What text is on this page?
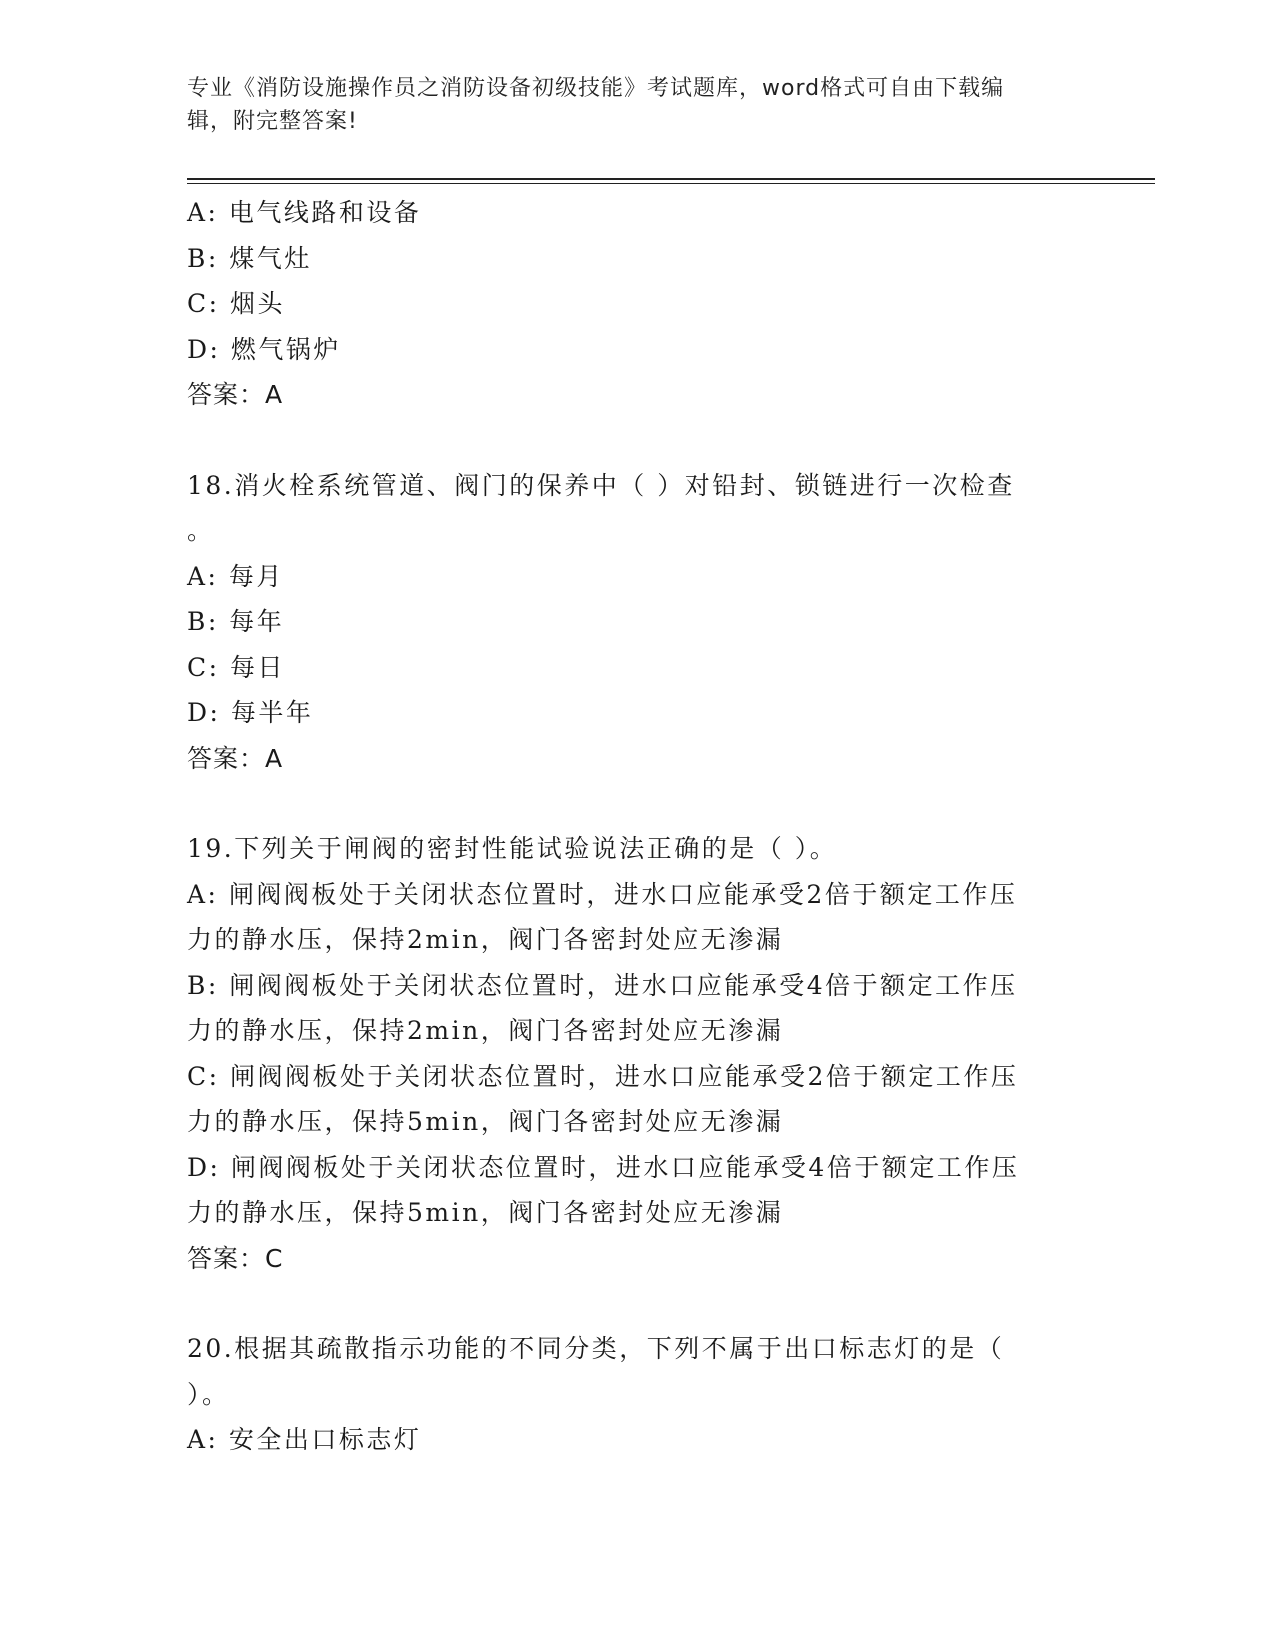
专业《消防设施操作员之消防设备初级技能》考试题库，word格式可自由下载编
辑，附完整答案!
A: 电气线路和设备
B: 煤气灶
C: 烟头
D: 燃气锅炉
答案：A
18.消火栓系统管道、阀门的保养中（ ）对铅封、锁链进行一次检查
。
A: 每月
B: 每年
C: 每日
D: 每半年
答案：A
19.下列关于闸阀的密封性能试验说法正确的是（ ）。
A: 闸阀阀板处于关闭状态位置时，进水口应能承受2倍于额定工作压
力的静水压，保持2min，阀门各密封处应无渗漏
B: 闸阀阀板处于关闭状态位置时，进水口应能承受4倍于额定工作压
力的静水压，保持2min，阀门各密封处应无渗漏
C: 闸阀阀板处于关闭状态位置时，进水口应能承受2倍于额定工作压
力的静水压，保持5min，阀门各密封处应无渗漏
D: 闸阀阀板处于关闭状态位置时，进水口应能承受4倍于额定工作压
力的静水压，保持5min，阀门各密封处应无渗漏
答案：C
20.根据其疏散指示功能的不同分类，下列不属于出口标志灯的是（
）。
A: 安全出口标志灯
